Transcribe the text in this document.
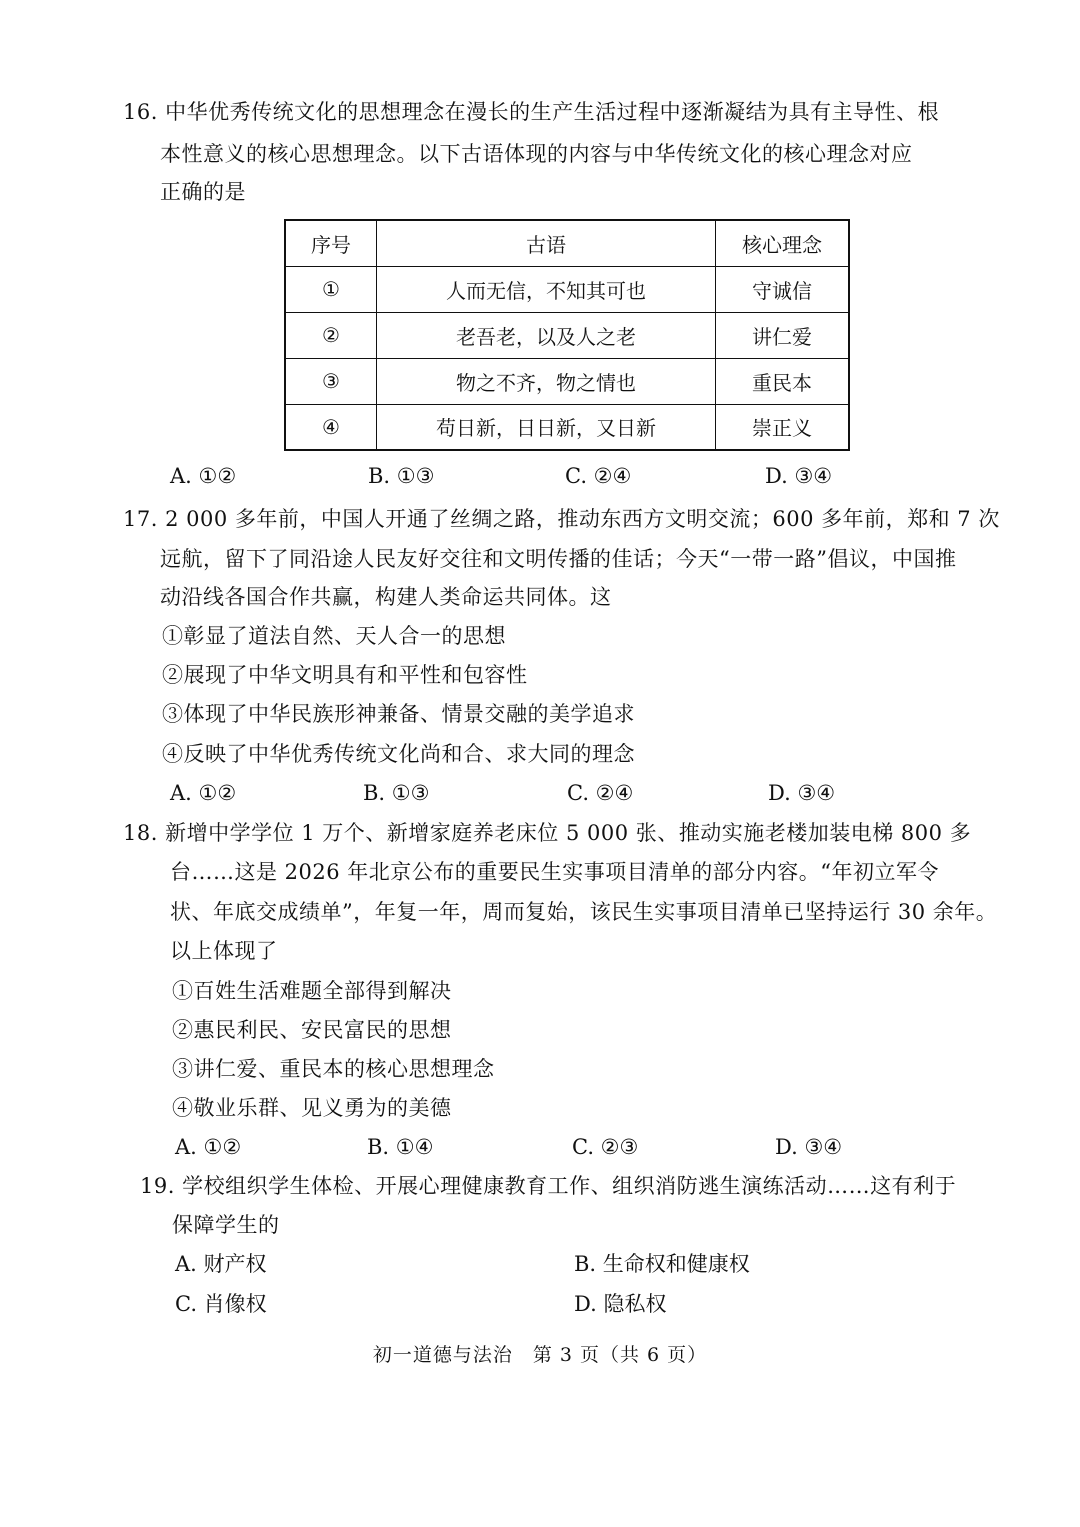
16. 中华优秀传统文化的思想理念在漫长的生产生活过程中逐渐凝结为具有主导性、根
本性意义的核心思想理念。以下古语体现的内容与中华传统文化的核心理念对应
正确的是
序号	古语	核心理念
①	人而无信，不知其可也	守诚信
②	老吾老，以及人之老	讲仁爱
③	物之不齐，物之情也	重民本
④	苟日新，日日新，又日新	崇正义
A. ①②	B. ①③	C. ②④	D. ③④
17. 2 000 多年前，中国人开通了丝绸之路，推动东西方文明交流；600 多年前，郑和 7 次
远航，留下了同沿途人民友好交往和文明传播的佳话；今天“一带一路”倡议，中国推
动沿线各国合作共赢，构建人类命运共同体。这
①彰显了道法自然、天人合一的思想
②展现了中华文明具有和平性和包容性
③体现了中华民族形神兼备、情景交融的美学追求
④反映了中华优秀传统文化尚和合、求大同的理念
A. ①②	B. ①③	C. ②④	D. ③④
18. 新增中学学位 1 万个、新增家庭养老床位 5 000 张、推动实施老楼加装电梯 800 多
台……这是 2026 年北京公布的重要民生实事项目清单的部分内容。“年初立军令
状、年底交成绩单”，年复一年，周而复始，该民生实事项目清单已坚持运行 30 余年。
以上体现了
①百姓生活难题全部得到解决
②惠民利民、安民富民的思想
③讲仁爱、重民本的核心思想理念
④敬业乐群、见义勇为的美德
A. ①②	B. ①④	C. ②③	D. ③④
19. 学校组织学生体检、开展心理健康教育工作、组织消防逃生演练活动……这有利于
保障学生的
A. 财产权	B. 生命权和健康权
C. 肖像权	D. 隐私权
初一道德与法治　第 3 页（共 6 页）
